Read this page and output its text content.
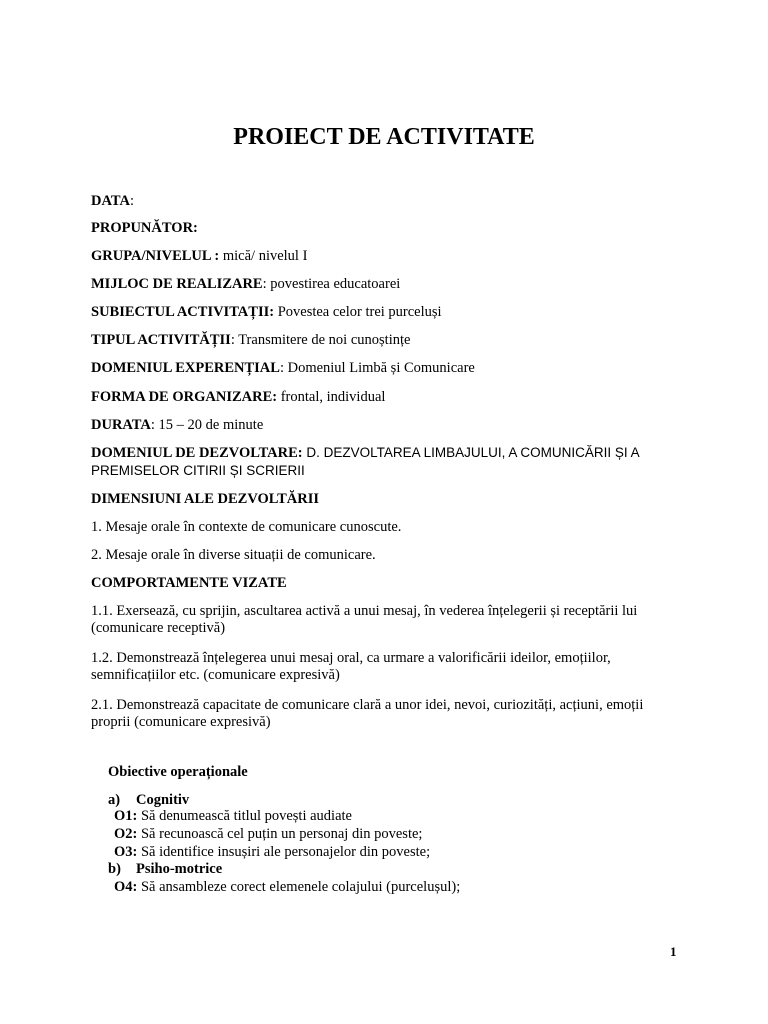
PROIECT DE ACTIVITATE
DATA:
PROPUNĂTOR:
GRUPA/NIVELUL : mică/ nivelul I
MIJLOC DE REALIZARE: povestirea educatoarei
SUBIECTUL ACTIVITAȚII: Povestea celor trei purceluși
TIPUL ACTIVITĂȚII: Transmitere de noi cunoștințe
DOMENIUL EXPERENȚIAL: Domeniul Limbă și Comunicare
FORMA DE ORGANIZARE: frontal, individual
DURATA: 15 – 20 de minute
DOMENIUL DE DEZVOLTARE: D. DEZVOLTAREA LIMBAJULUI, A COMUNICĂRII ȘI A PREMISELOR CITIRII ȘI SCRIERII
DIMENSIUNI ALE DEZVOLTĂRII
1. Mesaje orale în contexte de comunicare cunoscute.
2. Mesaje orale în diverse situații de comunicare.
COMPORTAMENTE VIZATE
1.1. Exersează, cu sprijin, ascultarea activă a unui mesaj, în vederea înțelegerii și receptării lui (comunicare receptivă)
1.2. Demonstrează înțelegerea unui mesaj oral, ca urmare a valorificării ideilor, emoțiilor, semnificațiilor etc. (comunicare expresivă)
2.1. Demonstrează capacitate de comunicare clară a unor idei, nevoi, curiozități, acțiuni, emoții proprii (comunicare expresivă)
Obiective operaționale
a) Cognitiv
O1: Să denumească titlul povești audiate
O2: Să recunoască cel puțin un personaj din poveste;
O3: Să identifice insușiri ale personajelor din poveste;
b) Psiho-motrice
O4: Să ansambleze corect elemenele colajului (purcelușul);
1
